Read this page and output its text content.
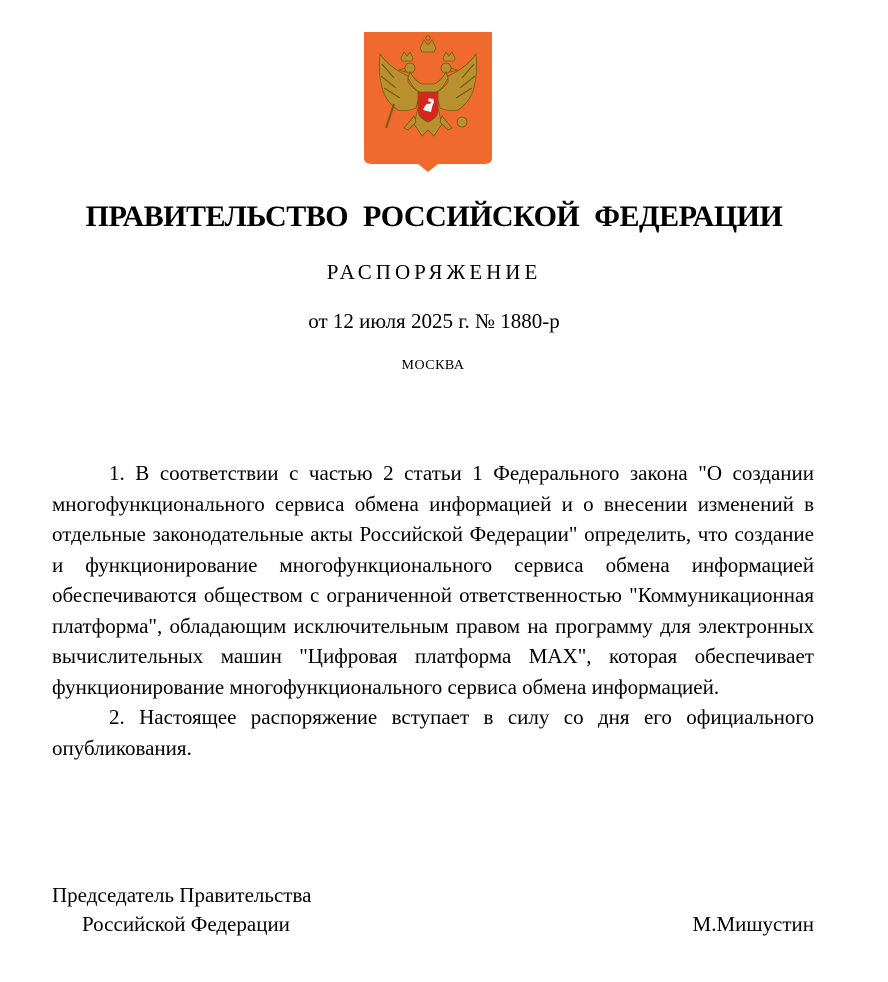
ПРАВИТЕЛЬСТВО РОССИЙСКОЙ ФЕДЕРАЦИИ
РАСПОРЯЖЕНИЕ
от 12 июля 2025 г. № 1880-р
МОСКВА

1. В соответствии с частью 2 статьи 1 Федерального закона "О создании многофункционального сервиса обмена информацией и о внесении изменений в отдельные законодательные акты Российской Федерации" определить, что создание и функционирование многофункционального сервиса обмена информацией обеспечиваются обществом с ограниченной ответственностью "Коммуникационная платформа", обладающим исключительным правом на программу для электронных вычислительных машин "Цифровая платформа MAX", которая обеспечивает функционирование многофункционального сервиса обмена информацией.

2. Настоящее распоряжение вступает в силу со дня его официального опубликования.

Председатель Правительства
Российской Федерации	М.Мишустин
